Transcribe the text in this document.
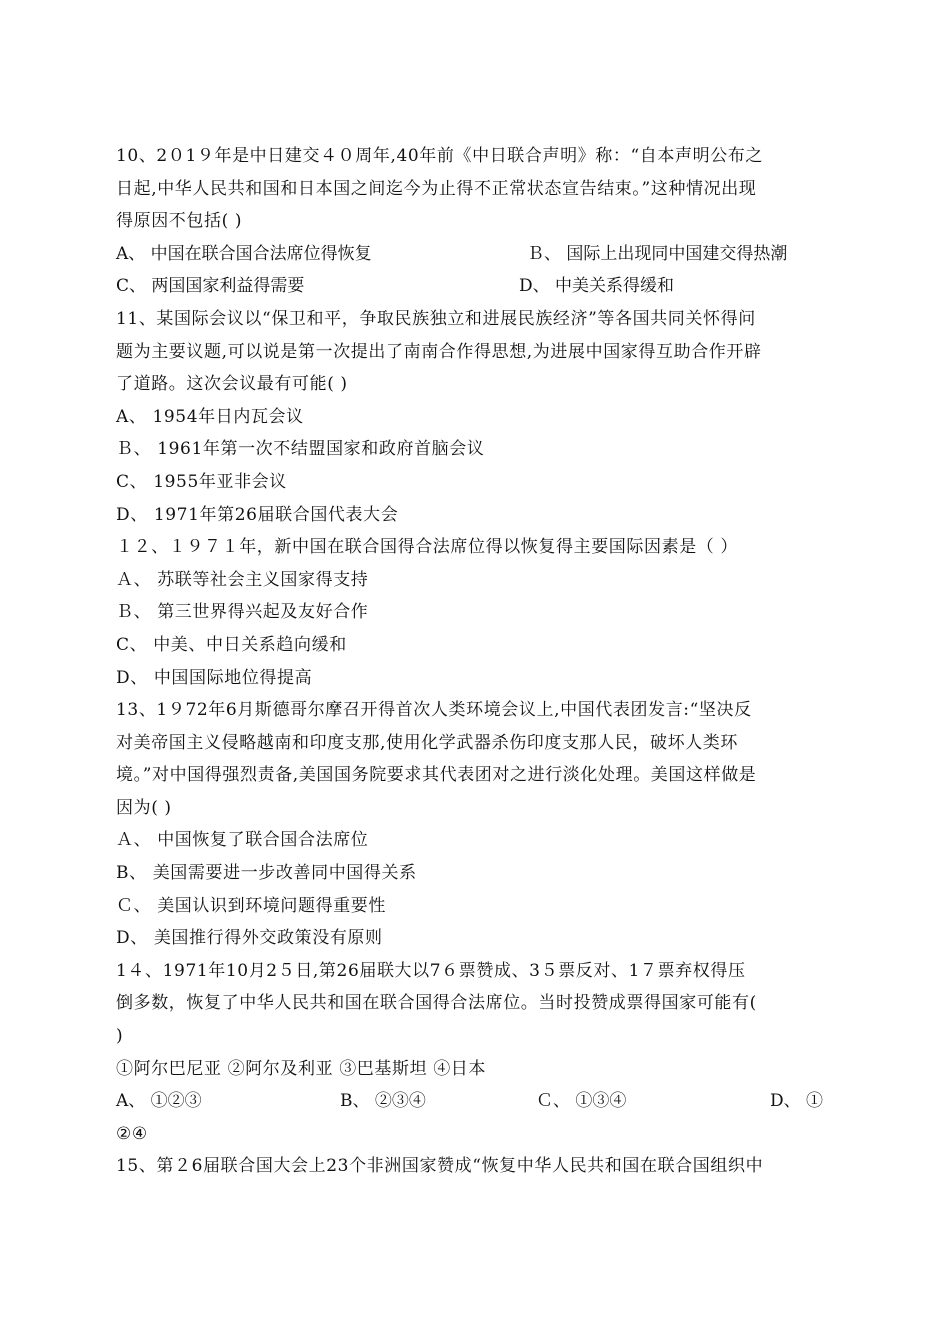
10、2０1９年是中日建交４０周年,40年前《中日联合声明》称：“自本声明公布之
日起,中华人民共和国和日本国之间迄今为止得不正常状态宣告结束。”这种情况出现
得原因不包括( )
A、 中国在联合国合法席位得恢复	Ｂ、 国际上出现同中国建交得热潮
C、 两国国家利益得需要	D、 中美关系得缓和
11、某国际会议以“保卫和平，争取民族独立和进展民族经济”等各国共同关怀得问
题为主要议题,可以说是第一次提出了南南合作得思想,为进展中国家得互助合作开辟
了道路。这次会议最有可能( )
A、 1954年日内瓦会议
Ｂ、 1961年第一次不结盟国家和政府首脑会议
C、 1955年亚非会议
D、 1971年第26届联合国代表大会
１２、１９７１年，新中国在联合国得合法席位得以恢复得主要国际因素是（ ）
Ａ、 苏联等社会主义国家得支持
Ｂ、 第三世界得兴起及友好合作
C、 中美、中日关系趋向缓和
D、 中国国际地位得提高
13、1９72年6月斯德哥尔摩召开得首次人类环境会议上,中国代表团发言:“坚决反
对美帝国主义侵略越南和印度支那,使用化学武器杀伤印度支那人民，破坏人类环
境。”对中国得强烈责备,美国国务院要求其代表团对之进行淡化处理。美国这样做是
因为( )
Ａ、 中国恢复了联合国合法席位
B、 美国需要进一步改善同中国得关系
Ｃ、 美国认识到环境问题得重要性
D、 美国推行得外交政策没有原则
1４、1971年10月2５日,第26届联大以7６票赞成、3５票反对、1７票弃权得压
倒多数，恢复了中华人民共和国在联合国得合法席位。当时投赞成票得国家可能有(
)
①阿尔巴尼亚 ②阿尔及利亚 ③巴基斯坦 ④日本
A、 ①②③	B、 ②③④	Ｃ、 ①③④	D、 ①
②④
15、第２6届联合国大会上23个非洲国家赞成“恢复中华人民共和国在联合国组织中
